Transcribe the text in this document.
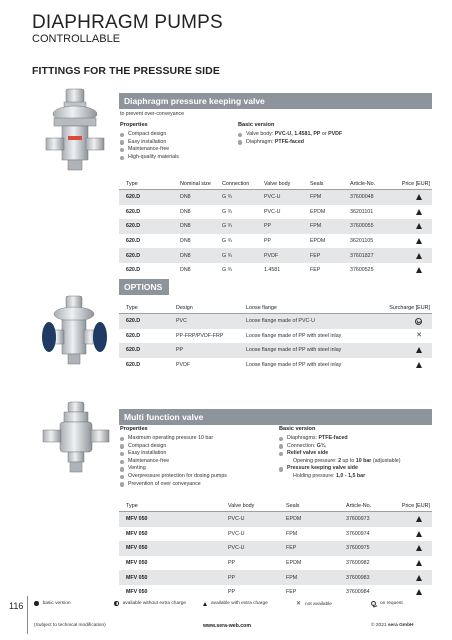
DIAPHRAGM PUMPS
CONTROLLABLE
FITTINGS FOR THE PRESSURE SIDE
Diaphragm pressure keeping valve
to prevent over-conveyance
Properties
Compact design
Easy installation
Maintenance-free
High-quality materials
Basic version
Valve body: PVC-U, 1.4581, PP or PVDF
Diaphragm: PTFE-faced
Type	Nominal size	Connection	Valve body	Seals	Article-No.	Price [EUR]
620.D	DN8	G ¾	PVC-U	FPM	37600048
620.D	DN8	G ¾	PVC-U	EPDM	36201101
620.D	DN8	G ¾	PP	FPM	37600055
620.D	DN8	G ¾	PP	EPDM	36201105
620.D	DN8	G ¾	PVDF	FEP	37601827
620.D	DN8	G ¾	1.4581	FEP	37600525
OPTIONS
Type	Design	Loose flange	Surcharge [EUR]
620.D	PVC	Loose flange made of PVC-U
620.D	PP-FRP/PVDF-FRP	Loose flange made of PP with steel inlay	✕
620.D	PP	Loose flange made of PP with steel inlay
620.D	PVDF	Loose flange made of PP with steel inlay
Multi function valve
Properties
Maximum operating pressure 10 bar
Compact design
Easy installation
Maintenance-free
Venting
Overpressure protection for dosing pumps
Prevention of over conveyance
Basic version
Diaphragms: PTFE-faced
Connection: G¾
Relief valve side
Opening pressure: 2 up to 10 bar (adjustable)
Pressure keeping valve side
Holding pressure: 1,0 - 1,5 bar
Type	Valve body	Seals	Article-No.	Price [EUR]
MFV 050	PVC-U	EPDM	37600973
MFV 050	PVC-U	FPM	37600974
MFV 050	PVC-U	FEP	37600975
MFV 050	PP	EPDM	37600982
MFV 050	PP	FPM	37600983
MFV 050	PP	FEP	37600984
116	basic version	available without extra charge	available with extra charge	✕ not available	on request
(Subject to technical modification)	www.sera-web.com	© 2021 sera GmbH
